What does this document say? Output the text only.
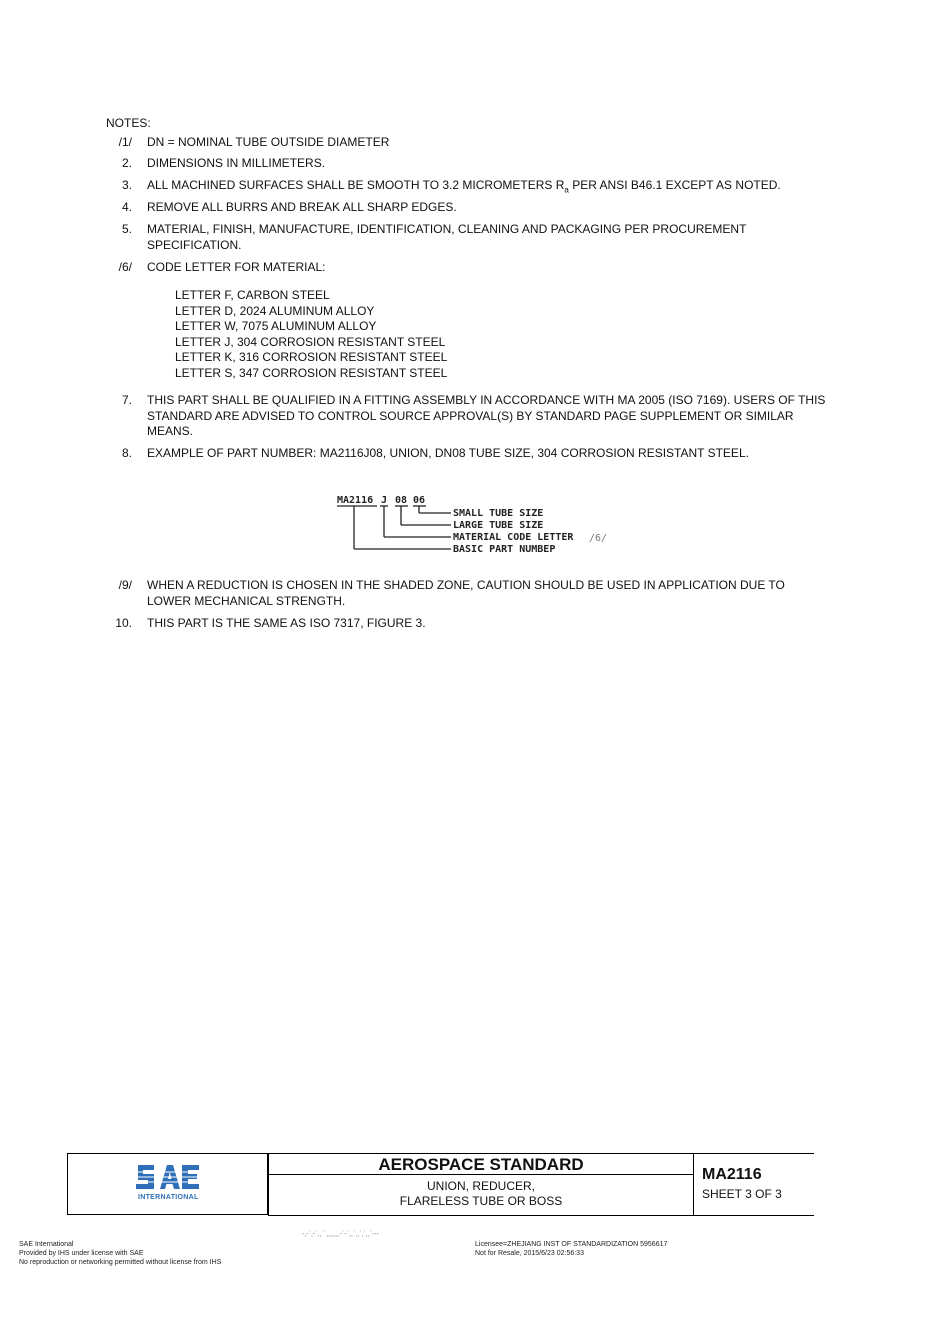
NOTES:
/1/ DN = NOMINAL TUBE OUTSIDE DIAMETER
2. DIMENSIONS IN MILLIMETERS.
3. ALL MACHINED SURFACES SHALL BE SMOOTH TO 3.2 MICROMETERS $R_a$ PER ANSI B46.1 EXCEPT AS NOTED.
4. REMOVE ALL BURRS AND BREAK ALL SHARP EDGES.
5. MATERIAL, FINISH, MANUFACTURE, IDENTIFICATION, CLEANING AND PACKAGING PER PROCUREMENT SPECIFICATION.
/6/ CODE LETTER FOR MATERIAL:
LETTER F, CARBON STEEL
LETTER D, 2024 ALUMINUM ALLOY
LETTER W, 7075 ALUMINUM ALLOY
LETTER J, 304 CORROSION RESISTANT STEEL
LETTER K, 316 CORROSION RESISTANT STEEL
LETTER S, 347 CORROSION RESISTANT STEEL
7. THIS PART SHALL BE QUALIFIED IN A FITTING ASSEMBLY IN ACCORDANCE WITH MA 2005 (ISO 7169). USERS OF THIS STANDARD ARE ADVISED TO CONTROL SOURCE APPROVAL(S) BY STANDARD PAGE SUPPLEMENT OR SIMILAR MEANS.
8. EXAMPLE OF PART NUMBER: MA2116J08, UNION, DN08 TUBE SIZE, 304 CORROSION RESISTANT STEEL.
MA2116 J 08 06
SMALL TUBE SIZE
LARGE TUBE SIZE
MATERIAL CODE LETTER
BASIC PART NUMBEP
/6/
/9/ WHEN A REDUCTION IS CHOSEN IN THE SHADED ZONE, CAUTION SHOULD BE USED IN APPLICATION DUE TO LOWER MECHANICAL STRENGTH.
10. THIS PART IS THE SAME AS ISO 7317, FIGURE 3.
INTERNATIONAL
AEROSPACE STANDARD
UNION, REDUCER,
FLARELESS TUBE OR BOSS
MA2116
SHEET 3 OF 3
-,-`,-`,,``,,,,,,,-`-`,,`,,`,`,,`---
SAE International
Provided by IHS under license with SAE
No reproduction or networking permitted without license from IHS
Licensee=ZHEJIANG INST OF STANDARDIZATION 5956617
Not for Resale, 2015/6/23 02:56:33
